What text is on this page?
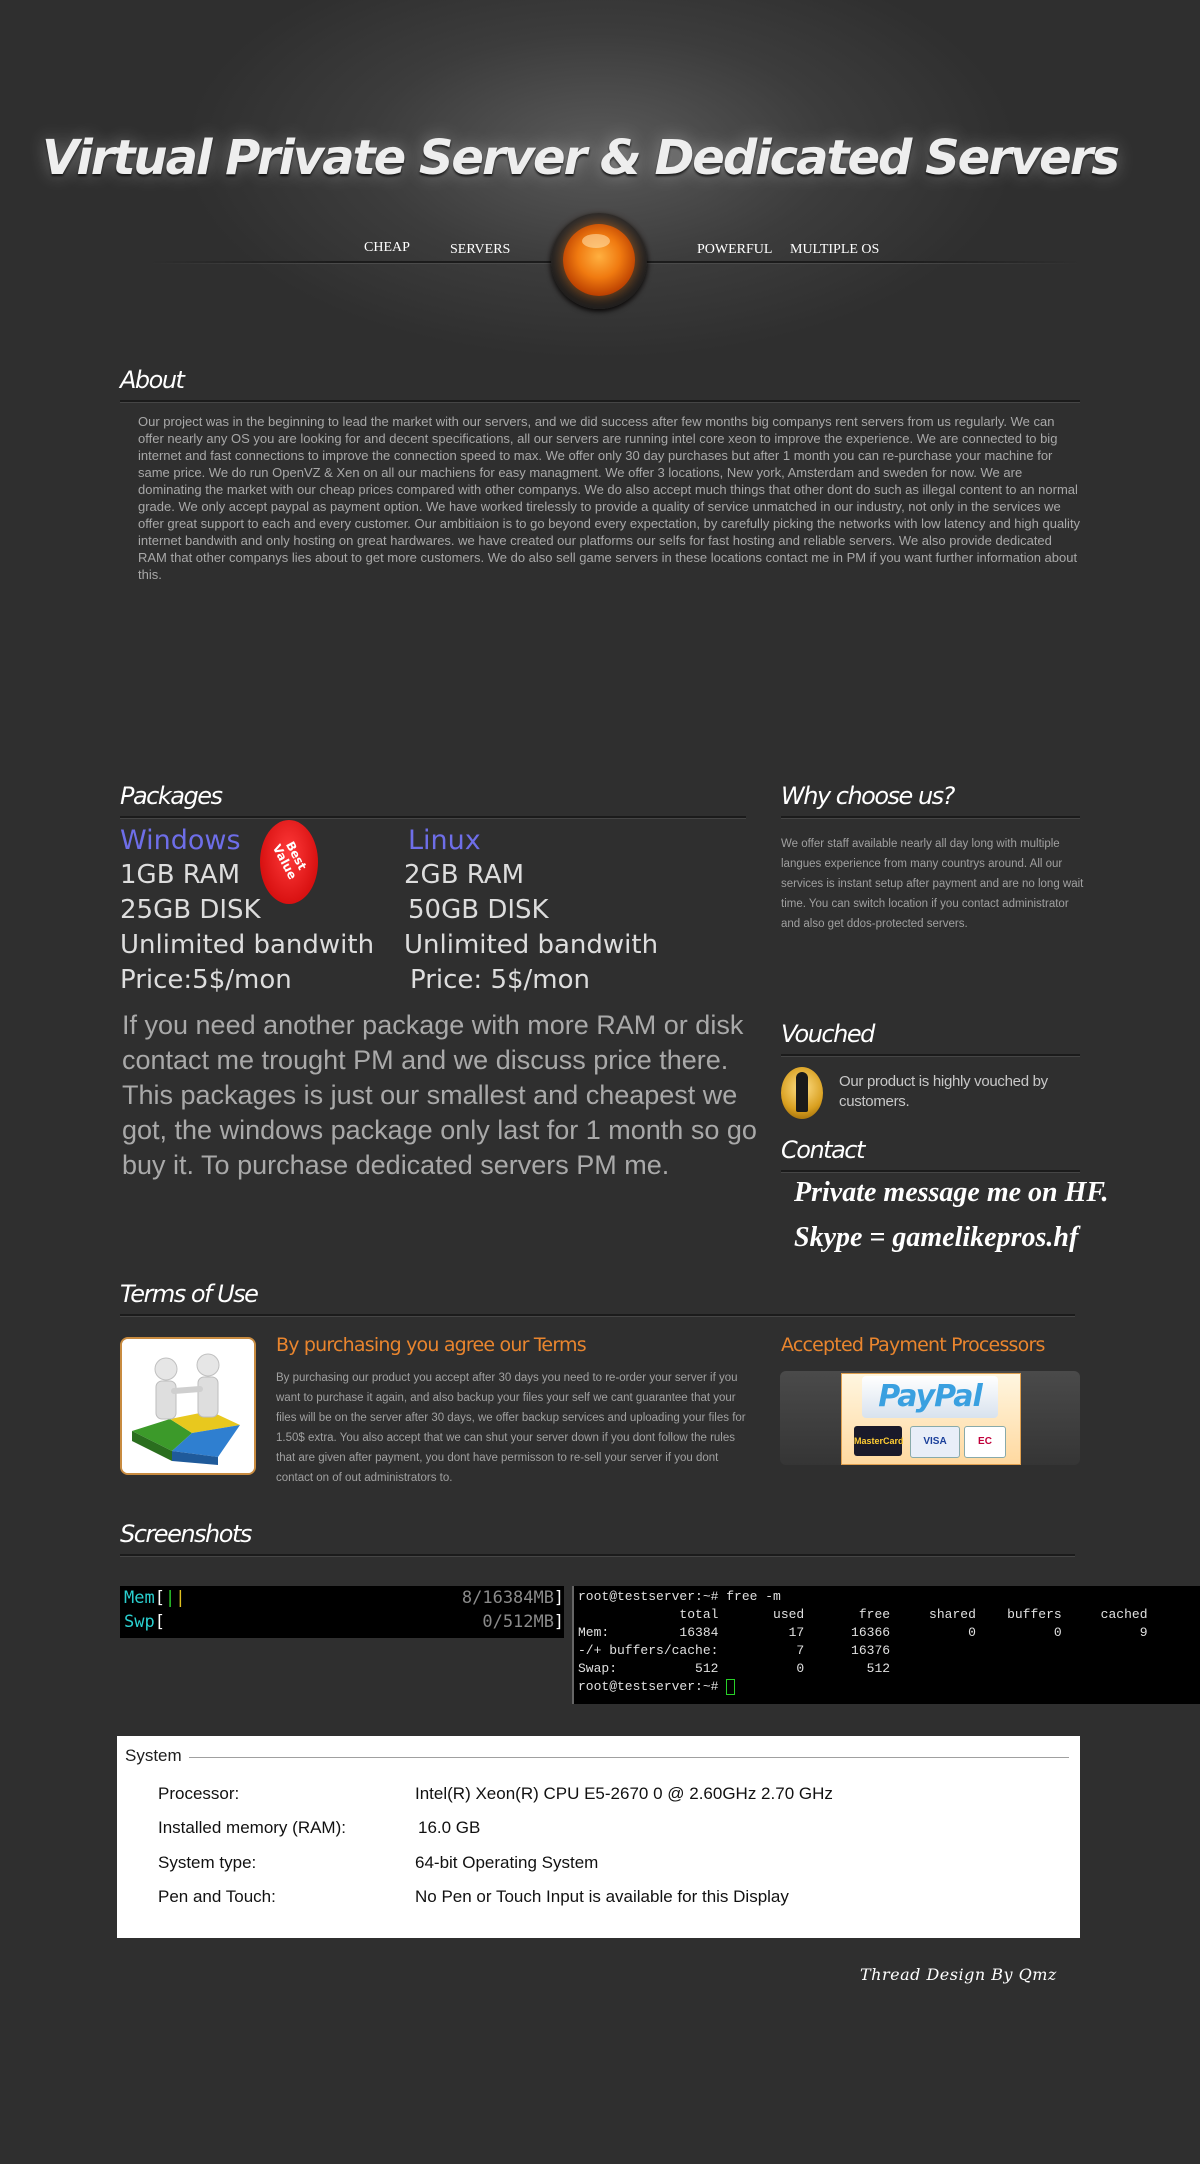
Virtual Private Server & Dedicated Servers
CHEAP	SERVERS	POWERFUL MULTIPLE OS
About
Our project was in the beginning to lead the market with our servers, and we did success after few months big companys rent servers from us regularly. We can offer nearly any OS you are looking for and decent specifications, all our servers are running intel core xeon to improve the experience. We are connected to big internet and fast connections to improve the connection speed to max. We offer only 30 day purchases but after 1 month you can re-purchase your machine for same price. We do run OpenVZ & Xen on all our machiens for easy managment. We offer 3 locations, New york, Amsterdam and sweden for now. We are dominating the market with our cheap prices compared with other companys. We do also accept much things that other dont do such as illegal content to an normal grade. We only accept paypal as payment option. We have worked tirelessly to provide a quality of service unmatched in our industry, not only in the services we offer great support to each and every customer. Our ambitiaion is to go beyond every expectation, by carefully picking the networks with low latency and high quality internet bandwith and only hosting on great hardwares. we have created our platforms our selfs for fast hosting and reliable servers. We also provide dedicated RAM that other companys lies about to get more customers. We do also sell game servers in these locations contact me in PM if you want further information about this.
Packages
Windows
1GB RAM
25GB DISK
Unlimited bandwith
Price:5$/mon
Best Value
Linux
2GB RAM
50GB DISK
Unlimited bandwith
Price: 5$/mon
If you need another package with more RAM or disk contact me trought PM and we discuss price there. This packages is just our smallest and cheapest we got, the windows package only last for 1 month so go buy it. To purchase dedicated servers PM me.
Why choose us?
We offer staff available nearly all day long with multiple langues experience from many countrys around. All our services is instant setup after payment and are no long wait time. You can switch location if you contact administrator and also get ddos-protected servers.
Vouched
Our product is highly vouched by customers.
Contact
Private message me on HF.
Skype = gamelikepros.hf
Terms of Use
By purchasing you agree our Terms
By purchasing our product you accept after 30 days you need to re-order your server if you want to purchase it again, and also backup your files your self we cant guarantee that your files will be on the server after 30 days, we offer backup services and uploading your files for 1.50$ extra. You also accept that we can shut your server down if you dont follow the rules that are given after payment, you dont have permisson to re-sell your server if you dont contact on of out administrators to.
Accepted Payment Processors
PayPal
MasterCard	VISA	EC
Screenshots
Mem[||	8/16384MB ]
Swp[	0/512MB ]
root@testserver:~# free -m
total       used       free     shared    buffers     cached
Mem:         16384         17      16366          0          0          9
-/+ buffers/cache:          7      16376
Swap:          512          0        512
root@testserver:~#
System
Processor:	Intel(R) Xeon(R) CPU E5-2670 0 @ 2.60GHz 2.70 GHz
Installed memory (RAM):	16.0 GB
System type:	64-bit Operating System
Pen and Touch:	No Pen or Touch Input is available for this Display
Thread Design By Qmz
